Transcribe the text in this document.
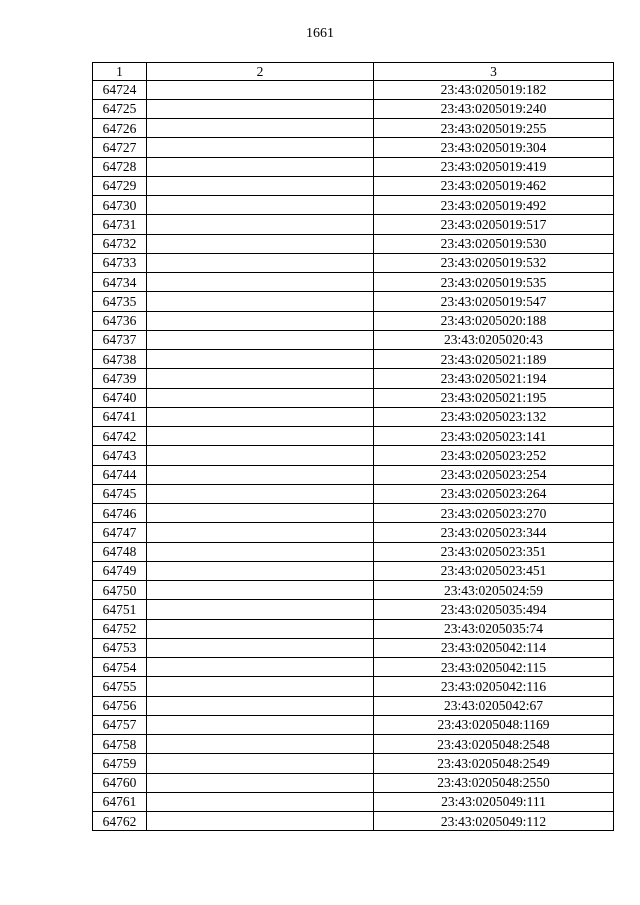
1661
1	2	3
64724		23:43:0205019:182
64725		23:43:0205019:240
64726		23:43:0205019:255
64727		23:43:0205019:304
64728		23:43:0205019:419
64729		23:43:0205019:462
64730		23:43:0205019:492
64731		23:43:0205019:517
64732		23:43:0205019:530
64733		23:43:0205019:532
64734		23:43:0205019:535
64735		23:43:0205019:547
64736		23:43:0205020:188
64737		23:43:0205020:43
64738		23:43:0205021:189
64739		23:43:0205021:194
64740		23:43:0205021:195
64741		23:43:0205023:132
64742		23:43:0205023:141
64743		23:43:0205023:252
64744		23:43:0205023:254
64745		23:43:0205023:264
64746		23:43:0205023:270
64747		23:43:0205023:344
64748		23:43:0205023:351
64749		23:43:0205023:451
64750		23:43:0205024:59
64751		23:43:0205035:494
64752		23:43:0205035:74
64753		23:43:0205042:114
64754		23:43:0205042:115
64755		23:43:0205042:116
64756		23:43:0205042:67
64757		23:43:0205048:1169
64758		23:43:0205048:2548
64759		23:43:0205048:2549
64760		23:43:0205048:2550
64761		23:43:0205049:111
64762		23:43:0205049:112
